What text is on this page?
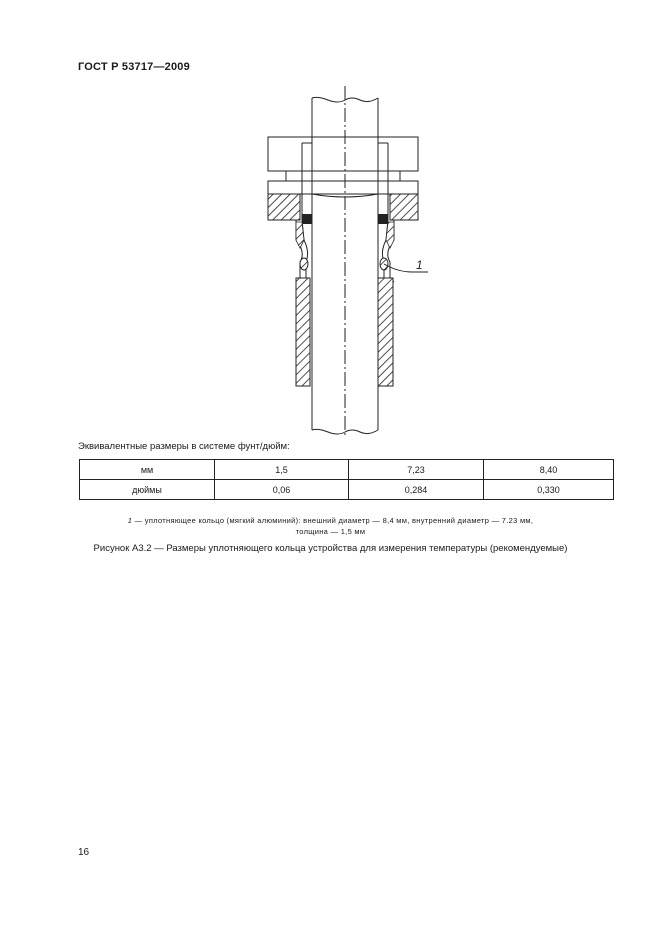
ГОСТ Р 53717—2009
1
Эквивалентные размеры в системе фунт/дюйм:
мм	1,5	7,23	8,40
дюймы	0,06	0,284	0,330
1 — уплотняющее кольцо (мягкий алюминий): внешний диаметр — 8,4 мм, внутренний диаметр — 7.23 мм,
толщина — 1,5 мм
Рисунок А3.2 — Размеры уплотняющего кольца устройства для измерения температуры (рекомендуемые)
16
